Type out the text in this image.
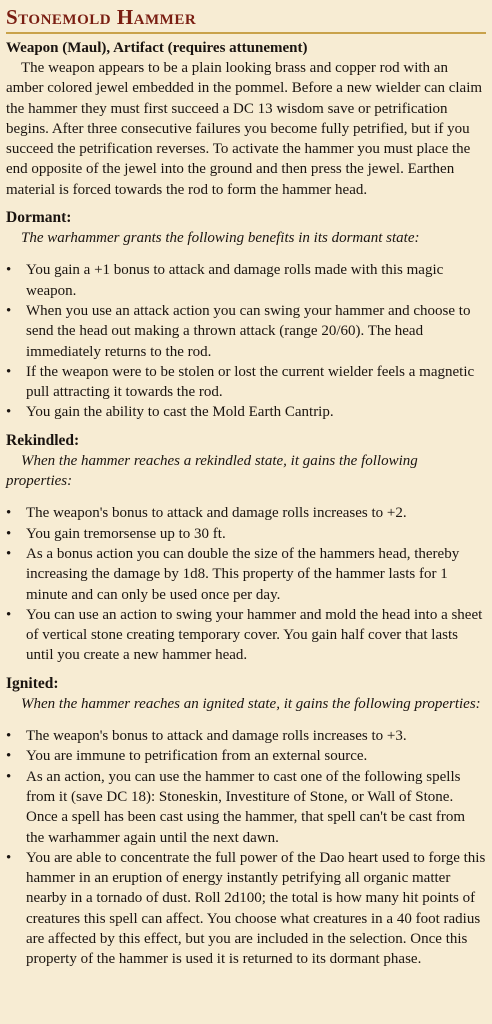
Stonemold Hammer

Weapon (Maul), Artifact (requires attunement)

The weapon appears to be a plain looking brass and copper rod with an amber colored jewel embedded in the pommel. Before a new wielder can claim the hammer they must first succeed a DC 13 wisdom save or petrification begins. After three consecutive failures you become fully petrified, but if you succeed the petrification reverses. To activate the hammer you must place the end opposite of the jewel into the ground and then press the jewel. Earthen material is forced towards the rod to form the hammer head.

Dormant:

The warhammer grants the following benefits in its dormant state:

• You gain a +1 bonus to attack and damage rolls made with this magic weapon.
• When you use an attack action you can swing your hammer and choose to send the head out making a thrown attack (range 20/60). The head immediately returns to the rod.
• If the weapon were to be stolen or lost the current wielder feels a magnetic pull attracting it towards the rod.
• You gain the ability to cast the Mold Earth Cantrip.

Rekindled:

When the hammer reaches a rekindled state, it gains the following properties:

• The weapon's bonus to attack and damage rolls increases to +2.
• You gain tremorsense up to 30 ft.
• As a bonus action you can double the size of the hammers head, thereby increasing the damage by 1d8. This property of the hammer lasts for 1 minute and can only be used once per day.
• You can use an action to swing your hammer and mold the head into a sheet of vertical stone creating temporary cover. You gain half cover that lasts until you create a new hammer head.

Ignited:

When the hammer reaches an ignited state, it gains the following properties:

• The weapon's bonus to attack and damage rolls increases to +3.
• You are immune to petrification from an external source.
• As an action, you can use the hammer to cast one of the following spells from it (save DC 18): Stoneskin, Investiture of Stone, or Wall of Stone. Once a spell has been cast using the hammer, that spell can't be cast from the warhammer again until the next dawn.
• You are able to concentrate the full power of the Dao heart used to forge this hammer in an eruption of energy instantly petrifying all organic matter nearby in a tornado of dust. Roll 2d100; the total is how many hit points of creatures this spell can affect. You choose what creatures in a 40 foot radius are affected by this effect, but you are included in the selection. Once this property of the hammer is used it is returned to its dormant phase.
